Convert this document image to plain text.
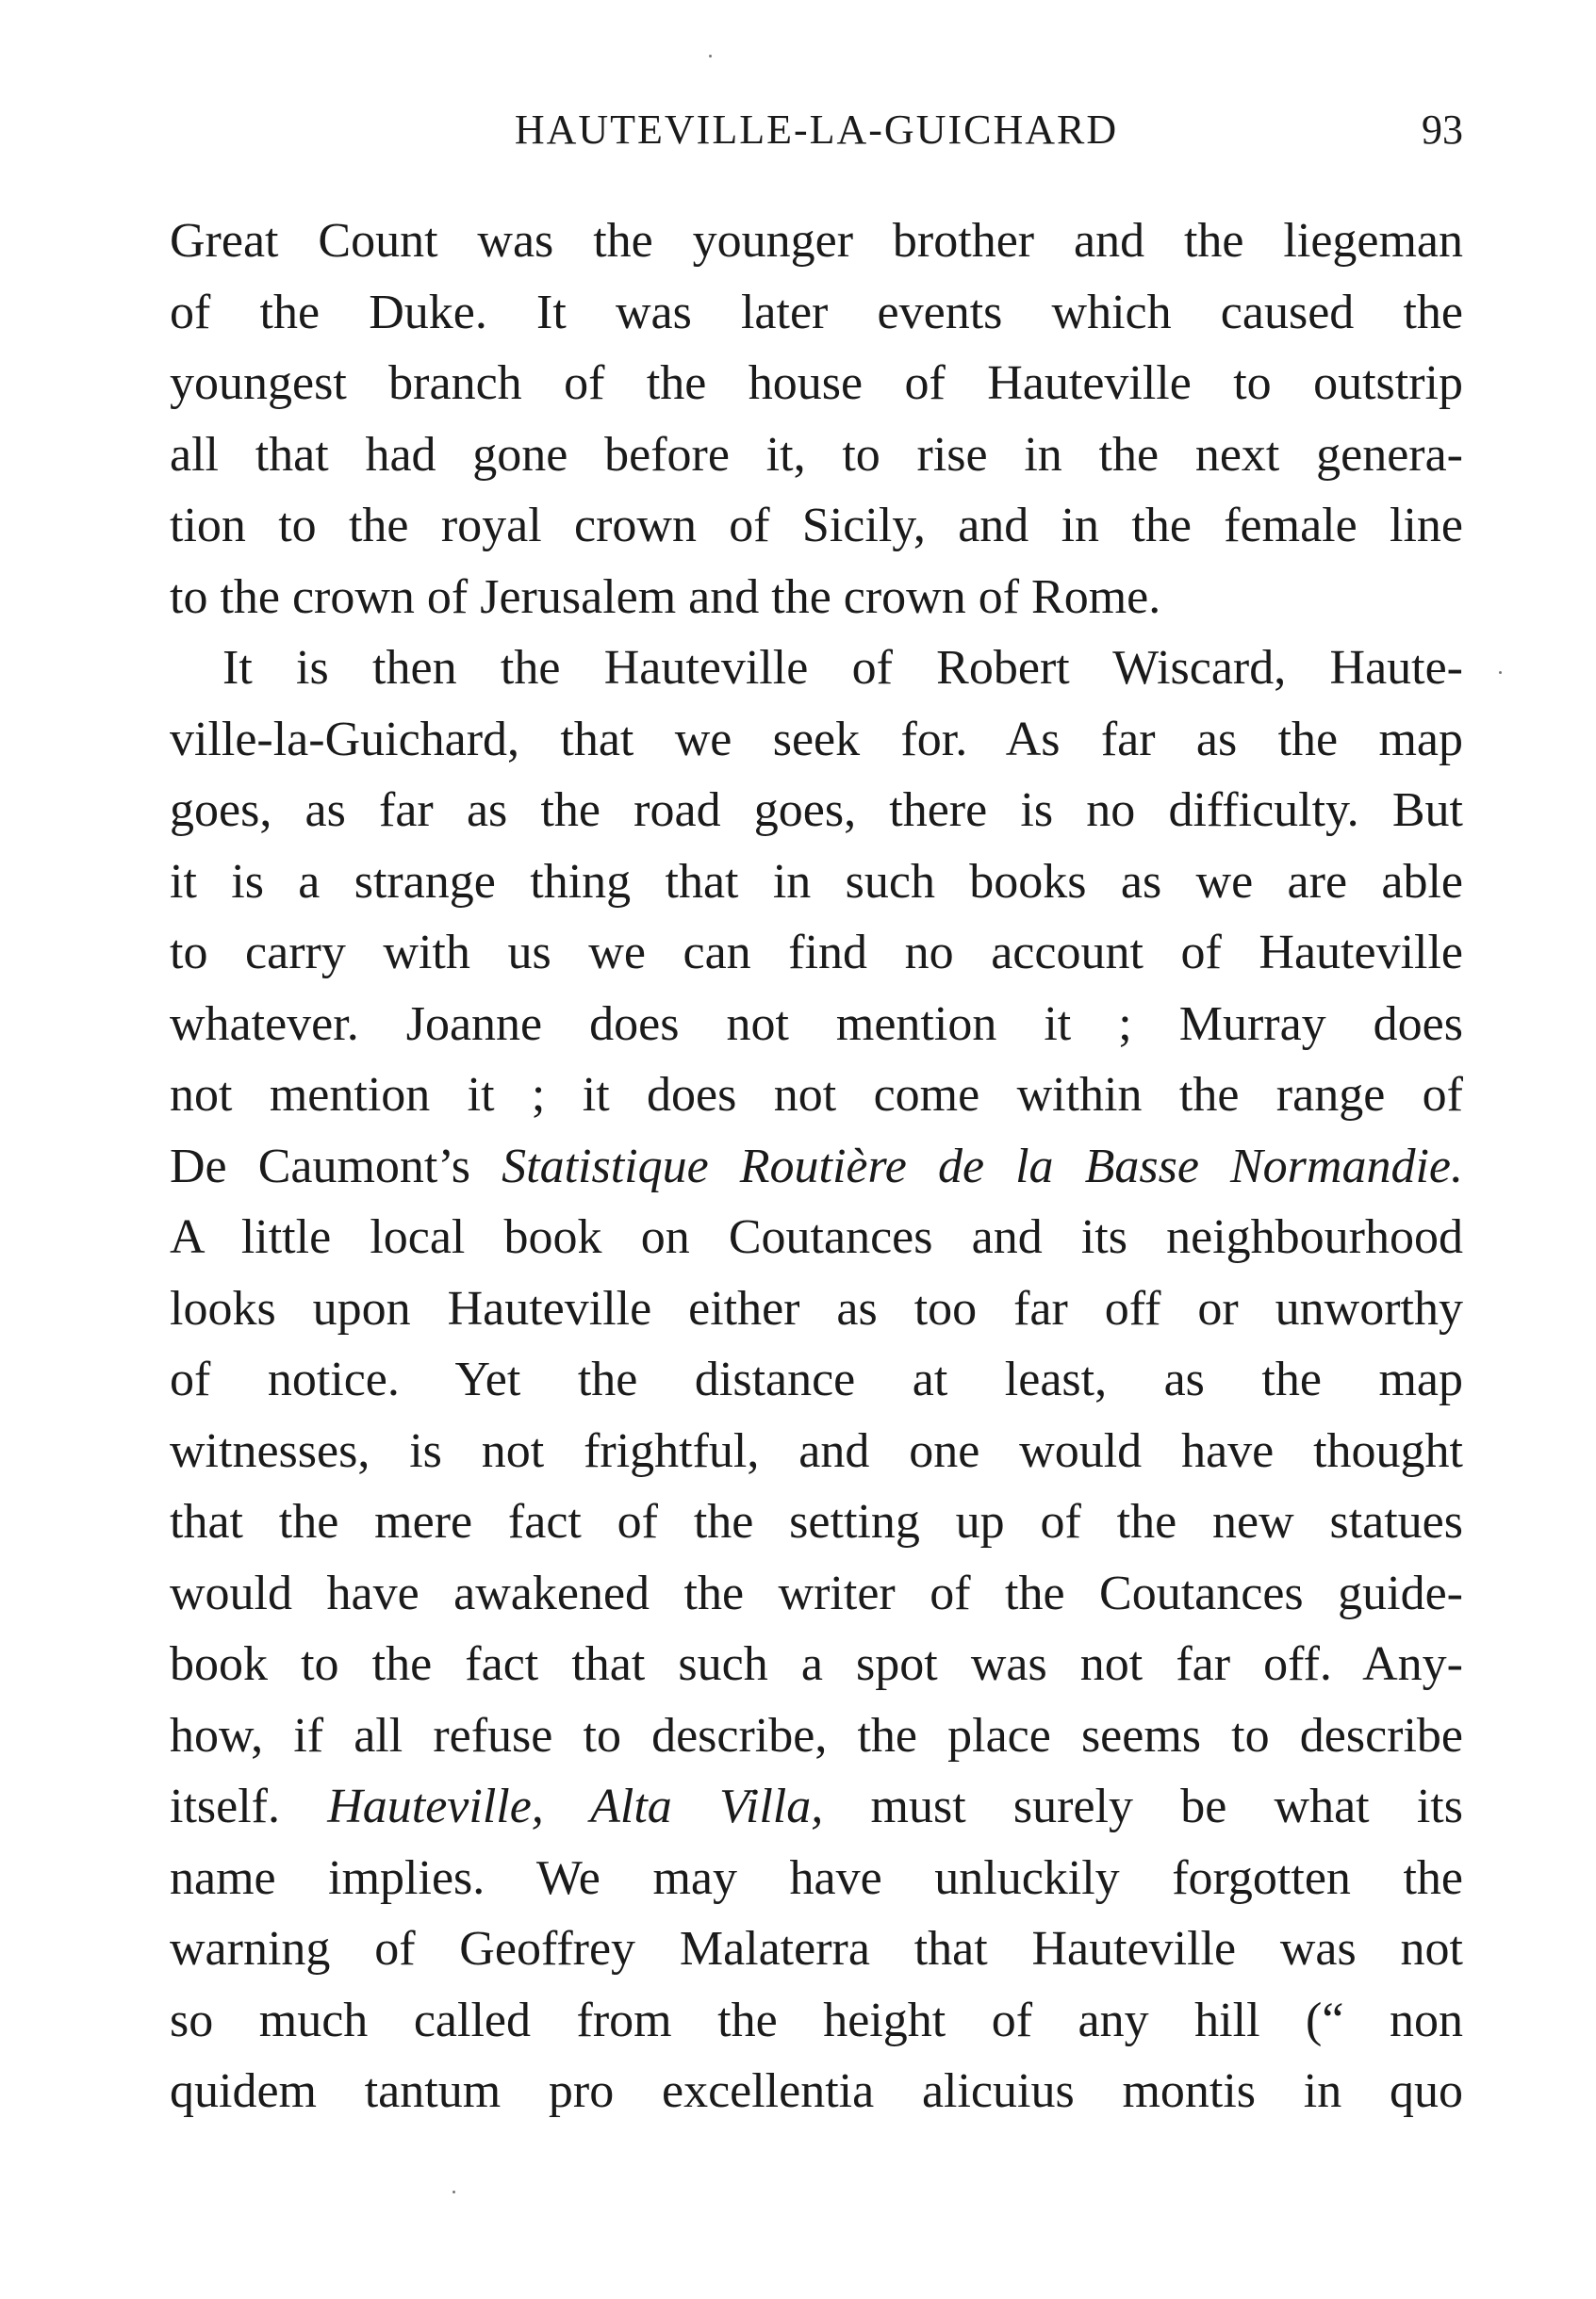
HAUTEVILLE-LA-GUICHARD	93
Great Count was the younger brother and the liegeman
of the Duke. It was later events which caused the
youngest branch of the house of Hauteville to outstrip
all that had gone before it, to rise in the next genera-
tion to the royal crown of Sicily, and in the female line
to the crown of Jerusalem and the crown of Rome.
It is then the Hauteville of Robert Wiscard, Haute-
ville-la-Guichard, that we seek for. As far as the map
goes, as far as the road goes, there is no difficulty. But
it is a strange thing that in such books as we are able
to carry with us we can find no account of Hauteville
whatever. Joanne does not mention it ; Murray does
not mention it ; it does not come within the range of
De Caumont’s Statistique Routière de la Basse Normandie.
A little local book on Coutances and its neighbourhood
looks upon Hauteville either as too far off or unworthy
of notice. Yet the distance at least, as the map
witnesses, is not frightful, and one would have thought
that the mere fact of the setting up of the new statues
would have awakened the writer of the Coutances guide-
book to the fact that such a spot was not far off. Any-
how, if all refuse to describe, the place seems to describe
itself. Hauteville, Alta Villa, must surely be what its
name implies. We may have unluckily forgotten the
warning of Geoffrey Malaterra that Hauteville was not
so much called from the height of any hill (“ non
quidem tantum pro excellentia alicuius montis in quo
